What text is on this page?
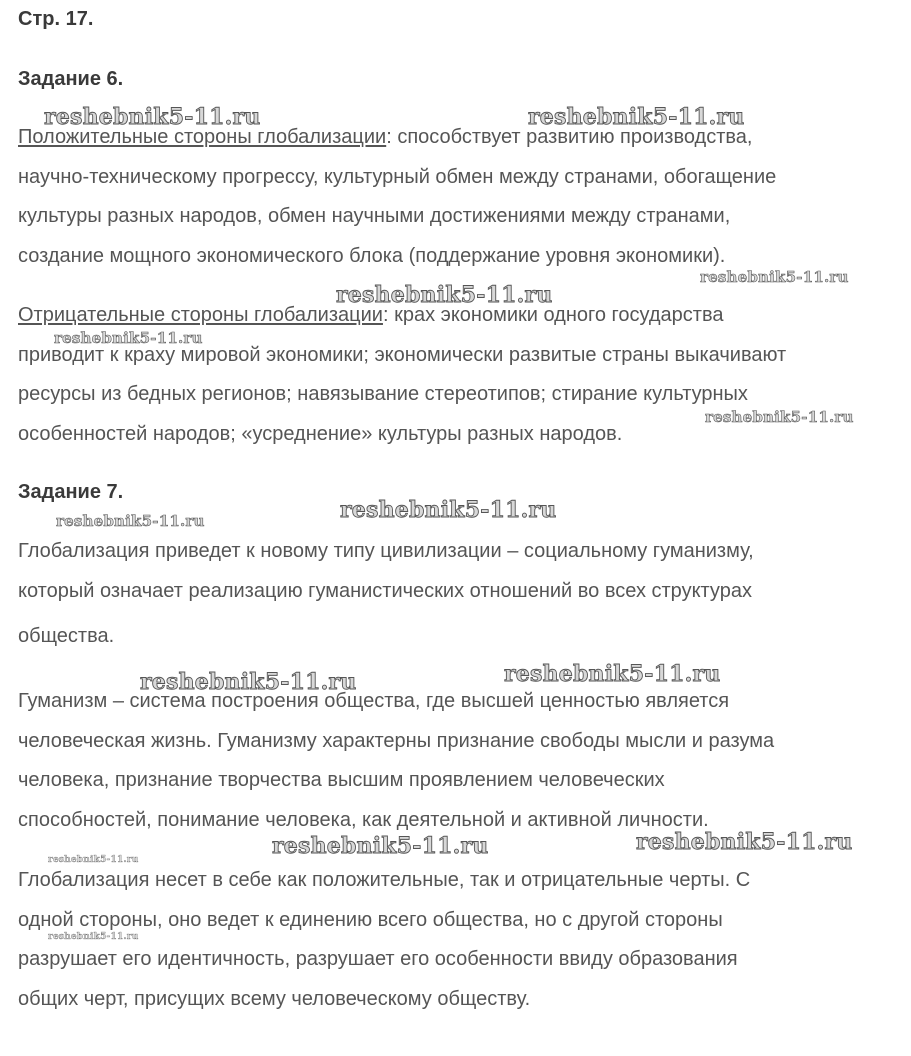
Стр. 17.

Задание 6.

Положительные стороны глобализации: способствует развитию производства,
научно-техническому прогрессу, культурный обмен между странами, обогащение
культуры разных народов, обмен научными достижениями между странами,
создание мощного экономического блока (поддержание уровня экономики).
Отрицательные стороны глобализации: крах экономики одного государства
приводит к краху мировой экономики; экономически развитые страны выкачивают
ресурсы из бедных регионов; навязывание стереотипов; стирание культурных
особенностей народов; «усреднение» культуры разных народов.

Задание 7.

Глобализация приведет к новому типу цивилизации – социальному гуманизму,
который означает реализацию гуманистических отношений во всех структурах
общества.
Гуманизм – система построения общества, где высшей ценностью является
человеческая жизнь. Гуманизму характерны признание свободы мысли и разума
человека, признание творчества высшим проявлением человеческих
способностей, понимание человека, как деятельной и активной личности.
Глобализация несет в себе как положительные, так и отрицательные черты. С
одной стороны, оно ведет к единению всего общества, но с другой стороны
разрушает его идентичность, разрушает его особенности ввиду образования
общих черт, присущих всему человеческому обществу.
reshebnik5-11.ru	reshebnik5-11.ru
reshebnik5-11.ru
reshebnik5-11.ru
reshebnik5-11.ru
reshebnik5-11.ru
reshebnik5-11.ru
reshebnik5-11.ru
reshebnik5-11.ru
reshebnik5-11.ru
reshebnik5-11.ru	reshebnik5-11.ru
reshebnik5-11.ru
reshebnik5-11.ru
